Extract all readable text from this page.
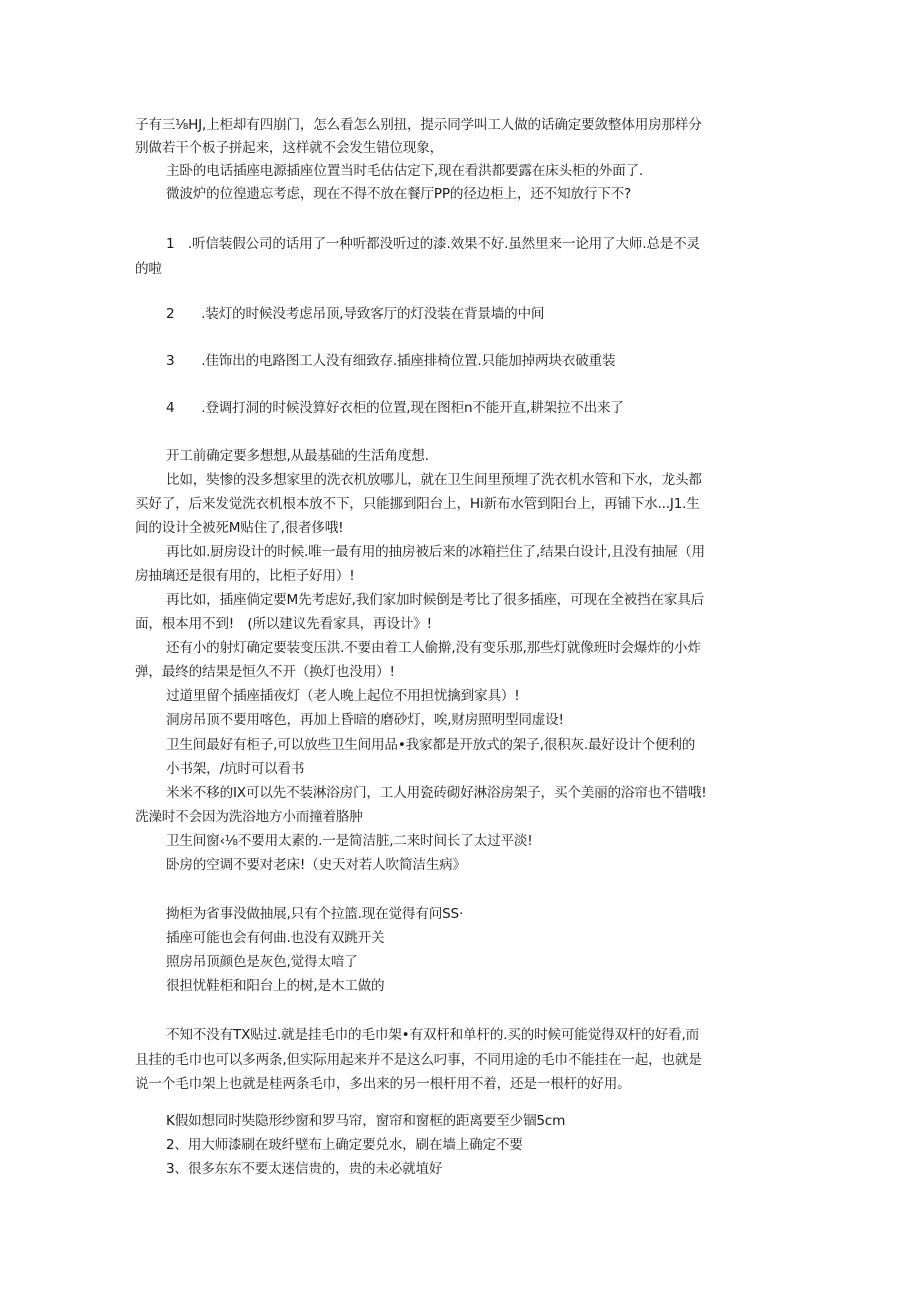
子有三⅛HJ,上柜却有四崩门，怎么看怎么别扭，提示同学叫工人做的话确定要敛整体用房那样分

别做若干个板子拼起来，这样就不会发生错位现象，

主卧的电话插座电源插座位置当时毛估估定下,现在看洪都要露在床头柜的外面了.

微波炉的位徨遗忘考虑，现在不得不放在餐厅PP的径边柜上，还不知放行下不?

1　.听信装假公司的话用了一种听都没听过的漆.效果不好.虽然里来一论用了大师.总是不灵

的啦

2　　.装灯的时候没考虑吊顶,导致客厅的灯没装在背景墙的中间

3　　.佳饰出的电路图工人没有细致存.插座排椅位置.只能加掉两块衣破重装

4　　.登调打洞的时候没算好衣柜的位置,现在图柜n不能开直,耕架拉不出来了

开工前确定要多想想,从最基础的生活角度想.

比如，奘惨的没多想家里的洗衣机放哪儿，就在卫生间里预埋了洗衣机水管和下水，龙头都

买好了，后来发觉洗衣机根本放不下，只能挪到阳台上，Hi新布水管到阳台上，再铺下水...J1.生

间的设计全被死M贴住了,很者侈哦!

再比如.厨房设计的时候.唯一最有用的抽房被后来的冰箱拦住了,结果白设计,且没有抽屉（用

房抽璃还是很有用的，比柜子好用）!

再比如，插座倘定要M先考虑好,我们家加时候倒是考比了很多插座，可现在全被挡在家具后

面，根本用不到!　(所以建议先看家具，再设计》!

还有小的射灯确定要装变压洪.不要由着工人偷擀,没有变乐那,那些灯就像班时会爆炸的小炸

弹，最终的结果是恒久不开（换灯也没用）!

过道里留个插座插夜灯（老人晚上起位不用担忧擒到家具）!

洞房吊顶不要用喀色，再加上昏暗的磨砂灯，唉,财房照明型同虚设!

卫生间最好有柜子,可以放些卫生间用品•我家都是开放式的架子,很积灰.最好设计个便利的

小书架，/坑时可以看书

米米不移的IX可以先不装淋浴房门，工人用瓷砖砌好淋浴房架子，买个美丽的浴帘也不错哦!

洗澡时不会因为洗浴地方小而撞着胳肿

卫生间窗‹⅛不要用太素的.一是简洁脏,二来时间长了太过平淡!

卧房的空调不要对老床!（史天对若人吹简洁生病》

拗柜为省事没做抽展,只有个拉篮.现在觉得有问SS·

插座可能也会有何曲.也没有双跳开关

照房吊顶颜色是灰色,觉得太喑了

很担忧鞋柜和阳台上的树,是木工做的

不知不没有TX贴过.就是挂毛巾的毛巾架•有双杆和单杆的.买的时候可能觉得双杆的好看,而

且挂的毛巾也可以多两条,但实际用起来并不是这么叼事，不同用途的毛巾不能挂在一起，也就是

说一个毛巾架上也就是桂两条毛巾，多出来的另一根杆用不着，还是一根杆的好用。

K假如想同时奘隐形纱窗和罗马帘，窗帘和窗框的距离要至少锢5cm

2、用大师漆刷在玻纤壁布上确定要兑水，刷在墙上确定不要

3、很多东东不要太迷信贵的，贵的未必就埴好
